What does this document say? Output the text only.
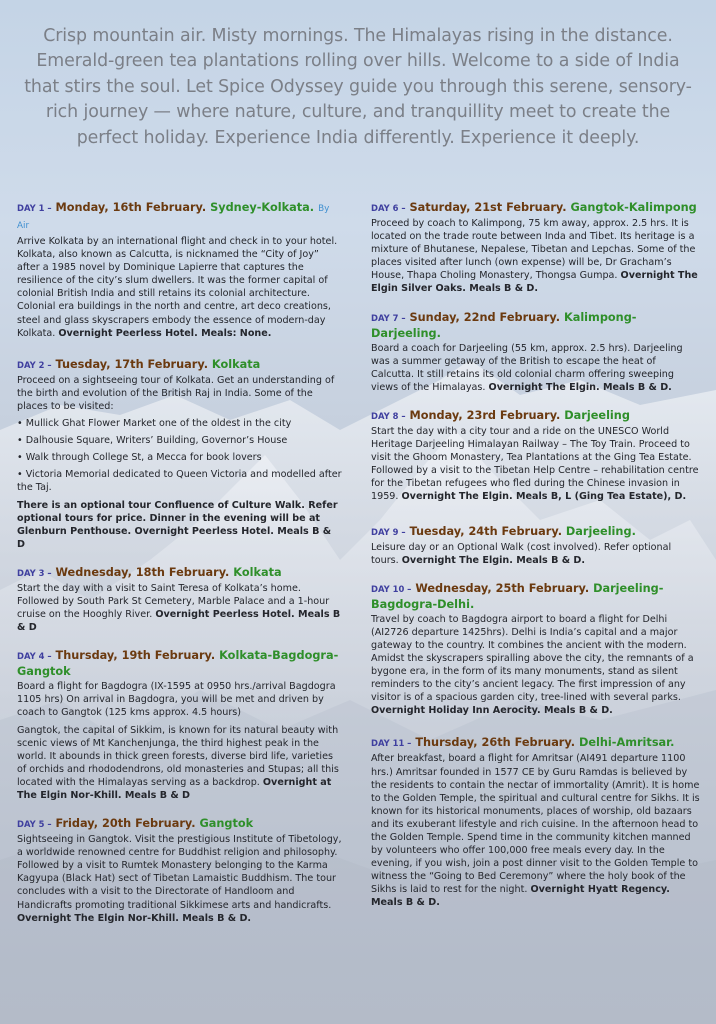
Crisp mountain air. Misty mornings. The Himalayas rising in the distance. Emerald-green tea plantations rolling over hills. Welcome to a side of India that stirs the soul. Let Spice Odyssey guide you through this serene, sensory-rich journey — where nature, culture, and tranquillity meet to create the perfect holiday. Experience India differently. Experience it deeply.

DAY 1 – Monday, 16th February. Sydney-Kolkata. By Air
Arrive Kolkata by an international flight and check in to your hotel. Kolkata, also known as Calcutta, is nicknamed the “City of Joy” after a 1985 novel by Dominique Lapierre that captures the resilience of the city’s slum dwellers. It was the former capital of colonial British India and still retains its colonial architecture. Colonial era buildings in the north and centre, art deco creations, steel and glass skyscrapers embody the essence of modern-day Kolkata. Overnight Peerless Hotel. Meals: None.
DAY 2 – Tuesday, 17th February. Kolkata
Proceed on a sightseeing tour of Kolkata. Get an understanding of the birth and evolution of the British Raj in India. Some of the places to be visited:
• Mullick Ghat Flower Market one of the oldest in the city
• Dalhousie Square, Writers’ Building, Governor’s House
• Walk through College St, a Mecca for book lovers
• Victoria Memorial dedicated to Queen Victoria and modelled after the Taj.
There is an optional tour Confluence of Culture Walk. Refer optional tours for price. Dinner in the evening will be at Glenburn Penthouse. Overnight Peerless Hotel. Meals B & D
DAY 3 – Wednesday, 18th February. Kolkata
Start the day with a visit to Saint Teresa of Kolkata’s home. Followed by South Park St Cemetery, Marble Palace and a 1-hour cruise on the Hooghly River. Overnight Peerless Hotel. Meals B & D
DAY 4 – Thursday, 19th February. Kolkata-Bagdogra-Gangtok
Board a flight for Bagdogra (IX-1595 at 0950 hrs./arrival Bagdogra 1105 hrs) On arrival in Bagdogra, you will be met and driven by coach to Gangtok (125 kms approx. 4.5 hours)
Gangtok, the capital of Sikkim, is known for its natural beauty with scenic views of Mt Kanchenjunga, the third highest peak in the world. It abounds in thick green forests, diverse bird life, varieties of orchids and rhododendrons, old monasteries and Stupas; all this located with the Himalayas serving as a backdrop. Overnight at The Elgin Nor-Khill. Meals B & D
DAY 5 – Friday, 20th February. Gangtok
Sightseeing in Gangtok. Visit the prestigious Institute of Tibetology, a worldwide renowned centre for Buddhist religion and philosophy. Followed by a visit to Rumtek Monastery belonging to the Karma Kagyupa (Black Hat) sect of Tibetan Lamaistic Buddhism. The tour concludes with a visit to the Directorate of Handloom and Handicrafts promoting traditional Sikkimese arts and handicrafts. Overnight The Elgin Nor-Khill. Meals B & D.
DAY 6 – Saturday, 21st February. Gangtok-Kalimpong
Proceed by coach to Kalimpong, 75 km away, approx. 2.5 hrs. It is located on the trade route between Inda and Tibet. Its heritage is a mixture of Bhutanese, Nepalese, Tibetan and Lepchas. Some of the places visited after lunch (own expense) will be, Dr Gracham’s House, Thapa Choling Monastery, Thongsa Gumpa. Overnight The Elgin Silver Oaks. Meals B & D.
DAY 7 – Sunday, 22nd February. Kalimpong-Darjeeling.
Board a coach for Darjeeling (55 km, approx. 2.5 hrs). Darjeeling was a summer getaway of the British to escape the heat of Calcutta. It still retains its old colonial charm offering sweeping views of the Himalayas. Overnight The Elgin. Meals B & D.
DAY 8 – Monday, 23rd February. Darjeeling
Start the day with a city tour and a ride on the UNESCO World Heritage Darjeeling Himalayan Railway – The Toy Train. Proceed to visit the Ghoom Monastery, Tea Plantations at the Ging Tea Estate. Followed by a visit to the Tibetan Help Centre – rehabilitation centre for the Tibetan refugees who fled during the Chinese invasion in 1959. Overnight The Elgin. Meals B, L (Ging Tea Estate), D.
DAY 9 – Tuesday, 24th February. Darjeeling.
Leisure day or an Optional Walk (cost involved). Refer optional tours. Overnight The Elgin. Meals B & D.
DAY 10 – Wednesday, 25th February. Darjeeling-Bagdogra-Delhi.
Travel by coach to Bagdogra airport to board a flight for Delhi (AI2726 departure 1425hrs). Delhi is India’s capital and a major gateway to the country. It combines the ancient with the modern. Amidst the skyscrapers spiralling above the city, the remnants of a bygone era, in the form of its many monuments, stand as silent reminders to the city’s ancient legacy. The first impression of any visitor is of a spacious garden city, tree-lined with several parks. Overnight Holiday Inn Aerocity. Meals B & D.
DAY 11 – Thursday, 26th February. Delhi-Amritsar.
After breakfast, board a flight for Amritsar (AI491 departure 1100 hrs.) Amritsar founded in 1577 CE by Guru Ramdas is believed by the residents to contain the nectar of immortality (Amrit). It is home to the Golden Temple, the spiritual and cultural centre for Sikhs. It is known for its historical monuments, places of worship, old bazaars and its exuberant lifestyle and rich cuisine. In the afternoon head to the Golden Temple. Spend time in the community kitchen manned by volunteers who offer 100,000 free meals every day. In the evening, if you wish, join a post dinner visit to the Golden Temple to witness the “Going to Bed Ceremony” where the holy book of the Sikhs is laid to rest for the night. Overnight Hyatt Regency. Meals B & D.
